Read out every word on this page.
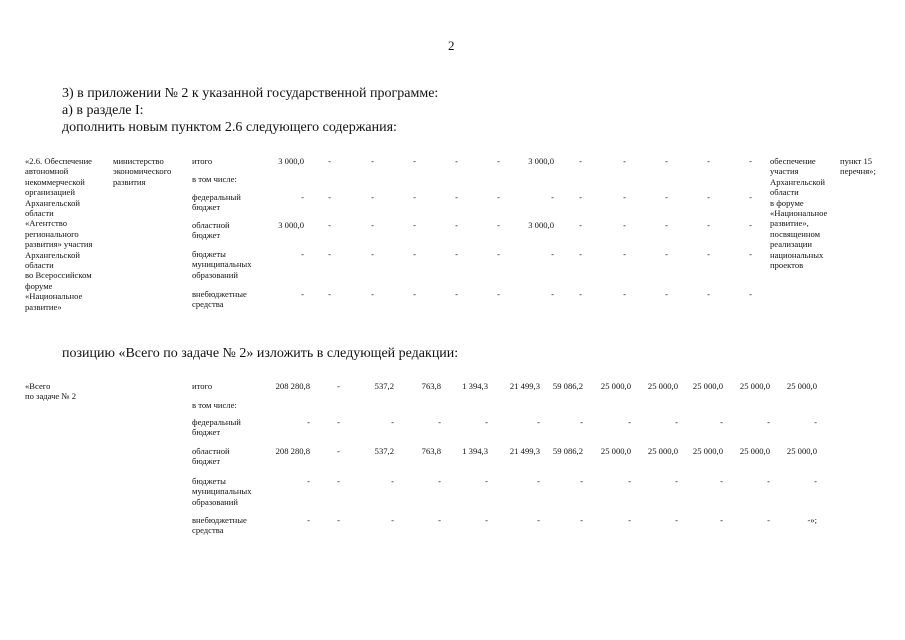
2
3) в приложении № 2 к указанной государственной программе:
а) в разделе I:
дополнить новым пунктом 2.6 следующего содержания:
позицию «Всего по задаче № 2» изложить в следующей редакции:
«2.6. Обеспечение
автономной
некоммерческой
организацией
Архангельской
области
«Агентство
регионального
развития» участия
Архангельской
области
во Всероссийском
форуме
«Национальное
развитие»
министерство
экономического
развития
итого	3 000,0	-	-	-	-	-	3 000,0	-	-	-	-	-
в том числе:
федеральный
бюджет
-	-	-	-	-	-	-	-	-	-	-	-
областной
бюджет
3 000,0	-	-	-	-	-	3 000,0	-	-	-	-	-
бюджеты
муниципальных
образований
-	-	-	-	-	-	-	-	-	-	-	-
внебюджетные
средства
-	-	-	-	-	-	-	-	-	-	-	-
обеспечение
участия
Архангельской
области
в форуме
«Национальное
развитие»,
посвященном
реализации
национальных
проектов
пункт 15
перечня»;
«Всего
по задаче № 2
итого	208 280,8	-	537,2	763,8	1 394,3	21 499,3	59 086,2	25 000,0	25 000,0	25 000,0	25 000,0	25 000,0
в том числе:
федеральный
бюджет
-	-	-	-	-	-	-	-	-	-	-	-
областной
бюджет
208 280,8	-	537,2	763,8	1 394,3	21 499,3	59 086,2	25 000,0	25 000,0	25 000,0	25 000,0	25 000,0
бюджеты
муниципальных
образований
-	-	-	-	-	-	-	-	-	-	-	-
внебюджетные
средства
-	-	-	-	-	-	-	-	-	-	-	-»;
